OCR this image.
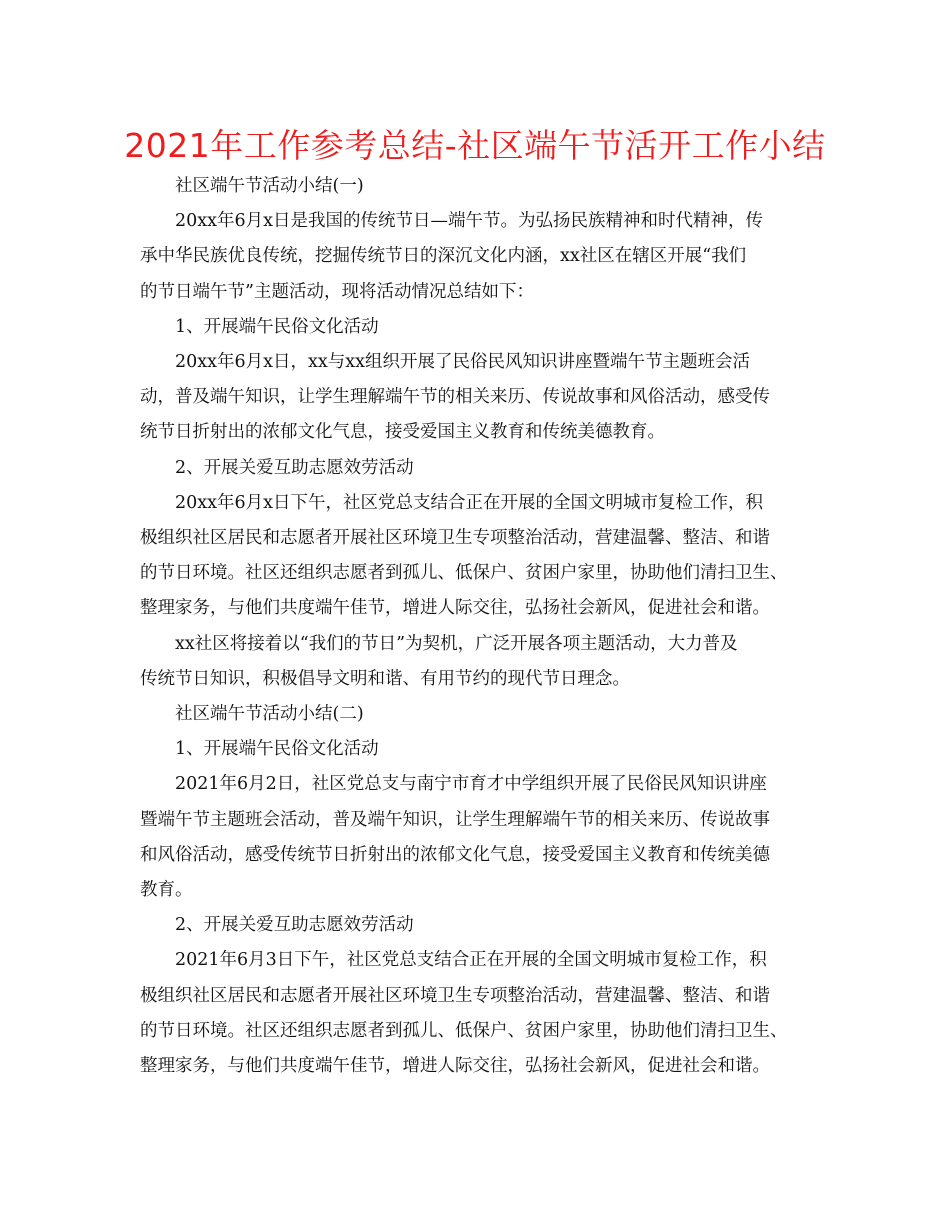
2021年工作参考总结-社区端午节活开工作小结
社区端午节活动小结(一)
20xx年6月x日是我国的传统节日—端午节。为弘扬民族精神和时代精神，传
承中华民族优良传统，挖掘传统节日的深沉文化内涵，xx社区在辖区开展“我们
的节日端午节”主题活动，现将活动情况总结如下：
1、开展端午民俗文化活动
20xx年6月x日，xx与xx组织开展了民俗民风知识讲座暨端午节主题班会活
动，普及端午知识，让学生理解端午节的相关来历、传说故事和风俗活动，感受传
统节日折射出的浓郁文化气息，接受爱国主义教育和传统美德教育。
2、开展关爱互助志愿效劳活动
20xx年6月x日下午，社区党总支结合正在开展的全国文明城市复检工作，积
极组织社区居民和志愿者开展社区环境卫生专项整治活动，营建温馨、整洁、和谐
的节日环境。社区还组织志愿者到孤儿、低保户、贫困户家里，协助他们清扫卫生、
整理家务，与他们共度端午佳节，增进人际交往，弘扬社会新风，促进社会和谐。
xx社区将接着以“我们的节日”为契机，广泛开展各项主题活动，大力普及
传统节日知识，积极倡导文明和谐、有用节约的现代节日理念。
社区端午节活动小结(二)
1、开展端午民俗文化活动
2021年6月2日，社区党总支与南宁市育才中学组织开展了民俗民风知识讲座
暨端午节主题班会活动，普及端午知识，让学生理解端午节的相关来历、传说故事
和风俗活动，感受传统节日折射出的浓郁文化气息，接受爱国主义教育和传统美德
教育。
2、开展关爱互助志愿效劳活动
2021年6月3日下午，社区党总支结合正在开展的全国文明城市复检工作，积
极组织社区居民和志愿者开展社区环境卫生专项整治活动，营建温馨、整洁、和谐
的节日环境。社区还组织志愿者到孤儿、低保户、贫困户家里，协助他们清扫卫生、
整理家务，与他们共度端午佳节，增进人际交往，弘扬社会新风，促进社会和谐。
